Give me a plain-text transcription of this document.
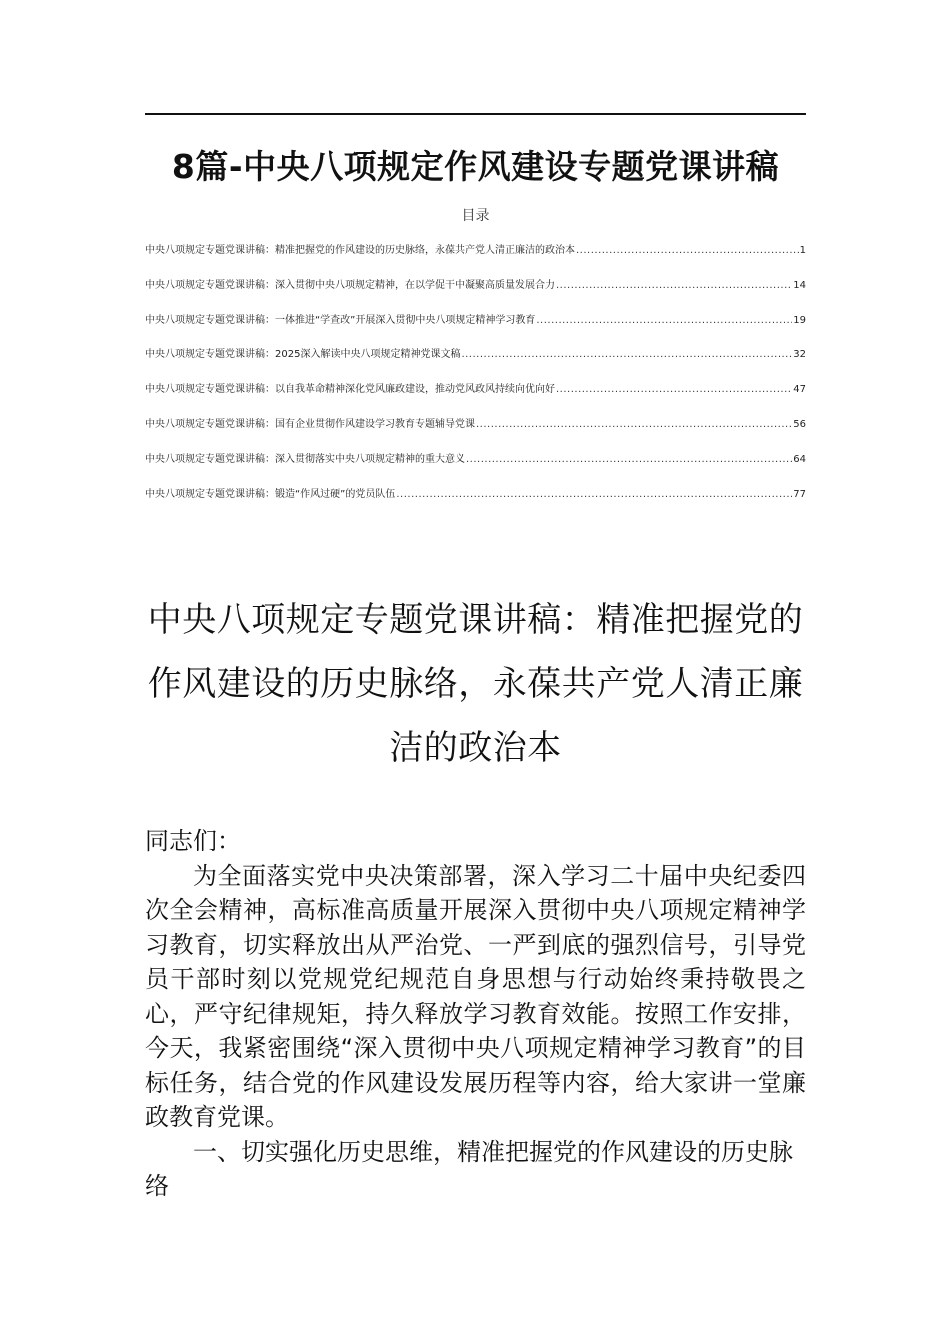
8篇-中央八项规定作风建设专题党课讲稿
目录
中央八项规定专题党课讲稿：精准把握党的作风建设的历史脉络，永葆共产党人清正廉洁的政治本 .....	1
中央八项规定专题党课讲稿：深入贯彻中央八项规定精神，在以学促干中凝聚高质量发展合力 .....	14
中央八项规定专题党课讲稿：一体推进“学查改”开展深入贯彻中央八项规定精神学习教育 .....	19
中央八项规定专题党课讲稿：2025深入解读中央八项规定精神党课文稿 .....	32
中央八项规定专题党课讲稿：以自我革命精神深化党风廉政建设，推动党风政风持续向优向好 .....	47
中央八项规定专题党课讲稿：国有企业贯彻作风建设学习教育专题辅导党课 .....	56
中央八项规定专题党课讲稿：深入贯彻落实中央八项规定精神的重大意义 .....	64
中央八项规定专题党课讲稿：锻造“作风过硬”的党员队伍 .....	77
中央八项规定专题党课讲稿：精准把握党的作风建设的历史脉络，永葆共产党人清正廉洁的政治本

同志们：

为全面落实党中央决策部署，深入学习二十届中央纪委四次全会精神，高标准高质量开展深入贯彻中央八项规定精神学习教育，切实释放出从严治党、一严到底的强烈信号，引导党员干部时刻以党规党纪规范自身思想与行动始终秉持敬畏之心，严守纪律规矩，持久释放学习教育效能。按照工作安排，今天，我紧密围绕“深入贯彻中央八项规定精神学习教育”的目标任务，结合党的作风建设发展历程等内容，给大家讲一堂廉政教育党课。

一、切实强化历史思维，精准把握党的作风建设的历史脉络
